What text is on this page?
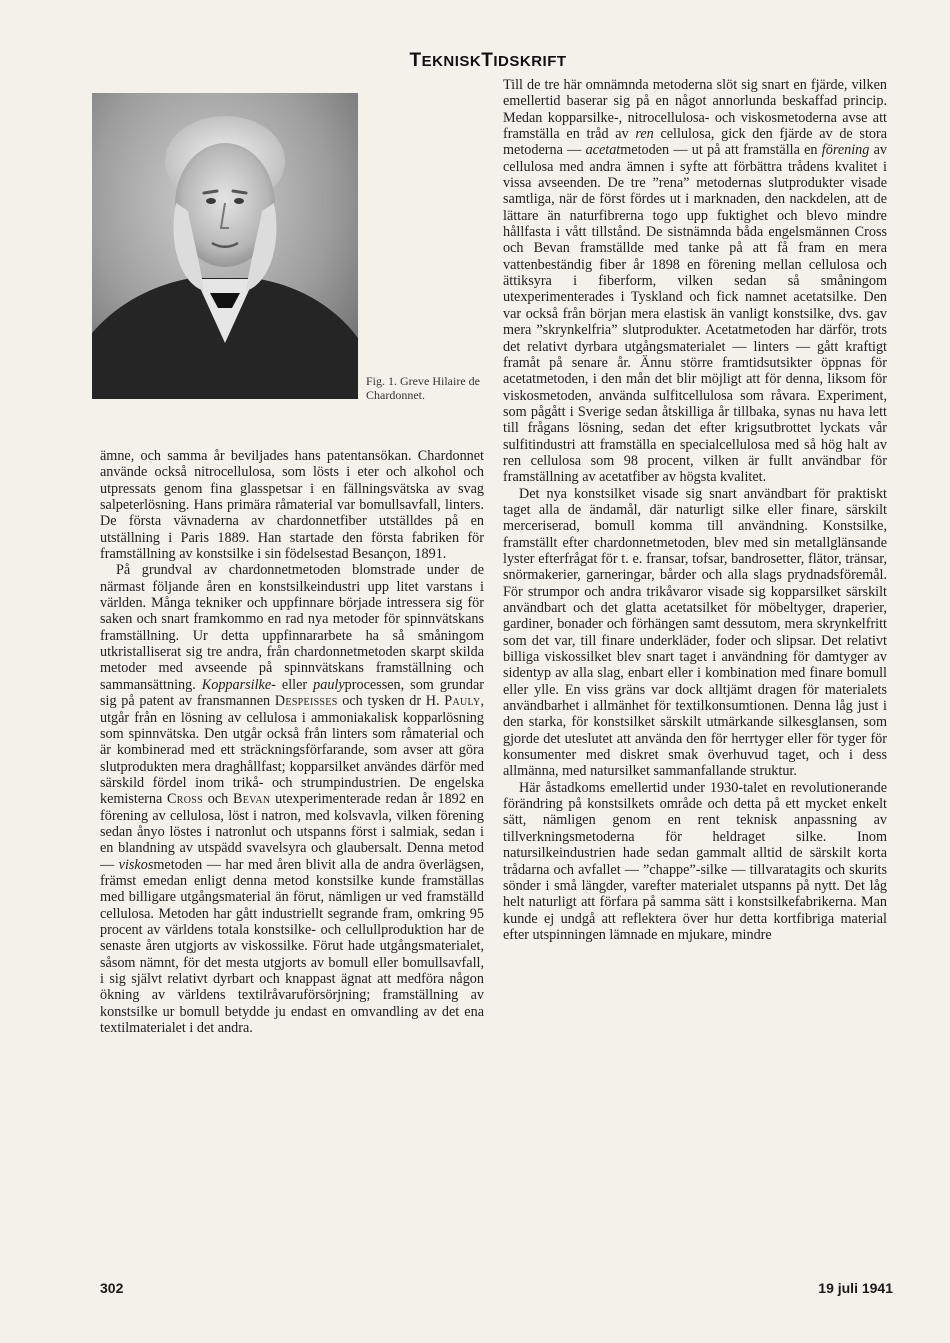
TEKNISKTIDSKRIFT
Fig. 1. Greve Hilaire de Chardonnet.

ämne, och samma år beviljades hans patentansökan. Chardonnet använde också nitrocellulosa, som lösts i eter och alkohol och utpressats genom fina glasspetsar i en fällningsvätska av svag salpeterlösning. Hans primära råmaterial var bomullsavfall, linters. De första vävnaderna av chardonnetfiber utställdes på en utställning i Paris 1889. Han startade den första fabriken för framställning av konstsilke i sin födelsestad Besançon, 1891.

På grundval av chardonnetmetoden blomstrade under de närmast följande åren en konstsilkeindustri upp litet varstans i världen. Många tekniker och uppfinnare började intressera sig för saken och snart framkommo en rad nya metoder för spinnvätskans framställning. Ur detta uppfinnararbete ha så småningom utkristalliserat sig tre andra, från chardonnetmetoden skarpt skilda metoder med avseende på spinnvätskans framställning och sammansättning. Kopparsilke- eller paulyprocessen, som grundar sig på patent av fransmannen Despeisses och tysken dr H. Pauly, utgår från en lösning av cellulosa i ammoniakalisk kopparlösning som spinnvätska. Den utgår också från linters som råmaterial och är kombinerad med ett sträckningsförfarande, som avser att göra slutprodukten mera draghållfast; kopparsilket användes därför med särskild fördel inom trikå- och strumpindustrien. De engelska kemisterna Cross och Bevan utexperimenterade redan år 1892 en förening av cellulosa, löst i natron, med kolsvavla, vilken förening sedan ånyo löstes i natronlut och utspanns först i salmiak, sedan i en blandning av utspädd svavelsyra och glaubersalt. Denna metod — viskosmetoden — har med åren blivit alla de andra överlägsen, främst emedan enligt denna metod konstsilke kunde framställas med billigare utgångsmaterial än förut, nämligen ur ved framställd cellulosa. Metoden har gått industriellt segrande fram, omkring 95 procent av världens totala konstsilke- och cellullproduktion har de senaste åren utgjorts av viskossilke. Förut hade utgångsmaterialet, såsom nämnt, för det mesta utgjorts av bomull eller bomullsavfall, i sig självt relativt dyrbart och knappast ägnat att medföra någon ökning av världens textilråvaruförsörjning; framställning av konstsilke ur bomull betydde ju endast en omvandling av det ena textilmaterialet i det andra.

Till de tre här omnämnda metoderna slöt sig snart en fjärde, vilken emellertid baserar sig på en något annorlunda beskaffad princip. Medan kopparsilke-, nitrocellulosa- och viskosmetoderna avse att framställa en tråd av ren cellulosa, gick den fjärde av de stora metoderna — acetatmetoden — ut på att framställa en förening av cellulosa med andra ämnen i syfte att förbättra trådens kvalitet i vissa avseenden. De tre ”rena” metodernas slutprodukter visade samtliga, när de först fördes ut i marknaden, den nackdelen, att de lättare än naturfibrerna togo upp fuktighet och blevo mindre hållfasta i vått tillstånd. De sistnämnda båda engelsmännen Cross och Bevan framställde med tanke på att få fram en mera vattenbeständig fiber år 1898 en förening mellan cellulosa och ättiksyra i fiberform, vilken sedan så småningom utexperimenterades i Tyskland och fick namnet acetatsilke. Den var också från början mera elastisk än vanligt konstsilke, dvs. gav mera ”skrynkelfria” slutprodukter. Acetatmetoden har därför, trots det relativt dyrbara utgångsmaterialet — linters — gått kraftigt framåt på senare år. Ännu större framtidsutsikter öppnas för acetatmetoden, i den mån det blir möjligt att för denna, liksom för viskosmetoden, använda sulfitcellulosa som råvara. Experiment, som pågått i Sverige sedan åtskilliga år tillbaka, synas nu hava lett till frågans lösning, sedan det efter krigsutbrottet lyckats vår sulfitindustri att framställa en specialcellulosa med så hög halt av ren cellulosa som 98 procent, vilken är fullt användbar för framställning av acetatfiber av högsta kvalitet.

Det nya konstsilket visade sig snart användbart för praktiskt taget alla de ändamål, där naturligt silke eller finare, särskilt merceriserad, bomull komma till användning. Konstsilke, framställt efter chardonnetmetoden, blev med sin metallglänsande lyster efterfrågat för t. e. fransar, tofsar, bandrosetter, flätor, tränsar, snörmakerier, garneringar, bårder och alla slags prydnadsföremål. För strumpor och andra trikåvaror visade sig kopparsilket särskilt användbart och det glatta acetatsilket för möbeltyger, draperier, gardiner, bonader och förhängen samt dessutom, mera skrynkelfritt som det var, till finare underkläder, foder och slipsar. Det relativt billiga viskossilket blev snart taget i användning för damtyger av sidentyp av alla slag, enbart eller i kombination med finare bomull eller ylle. En viss gräns var dock alltjämt dragen för materialets användbarhet i allmänhet för textilkonsumtionen. Denna låg just i den starka, för konstsilket särskilt utmärkande silkesglansen, som gjorde det uteslutet att använda den för herrtyger eller för tyger för konsumenter med diskret smak överhuvud taget, och i dess allmänna, med natursilket sammanfallande struktur.

Här åstadkoms emellertid under 1930-talet en revolutionerande förändring på konstsilkets område och detta på ett mycket enkelt sätt, nämligen genom en rent teknisk anpassning av tillverkningsmetoderna för heldraget silke. Inom natursilkeindustrien hade sedan gammalt alltid de särskilt korta trådarna och avfallet — ”chappe”-silke — tillvaratagits och skurits sönder i små längder, varefter materialet utspanns på nytt. Det låg helt naturligt att förfara på samma sätt i konstsilkefabrikerna. Man kunde ej undgå att reflektera över hur detta kortfibriga material efter utspinningen lämnade en mjukare, mindre

302	19 juli 1941
